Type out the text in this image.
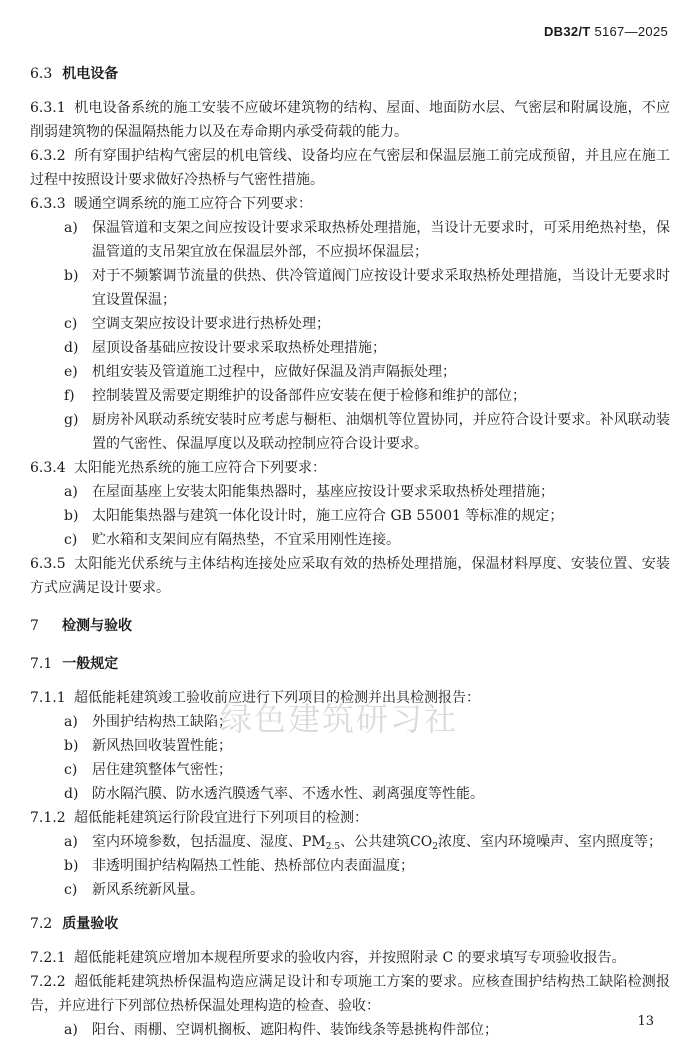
DB32/T 5167—2025
6.3 机电设备
6.3.1 机电设备系统的施工安装不应破坏建筑物的结构、屋面、地面防水层、气密层和附属设施，不应削弱建筑物的保温隔热能力以及在寿命期内承受荷载的能力。
6.3.2 所有穿围护结构气密层的机电管线、设备均应在气密层和保温层施工前完成预留，并且应在施工过程中按照设计要求做好冷热桥与气密性措施。
6.3.3 暖通空调系统的施工应符合下列要求：
a) 保温管道和支架之间应按设计要求采取热桥处理措施，当设计无要求时，可采用绝热衬垫，保温管道的支吊架宜放在保温层外部，不应损坏保温层；
b) 对于不频繁调节流量的供热、供冷管道阀门应按设计要求采取热桥处理措施，当设计无要求时宜设置保温；
c) 空调支架应按设计要求进行热桥处理；
d) 屋顶设备基础应按设计要求采取热桥处理措施；
e) 机组安装及管道施工过程中，应做好保温及消声隔振处理；
f) 控制装置及需要定期维护的设备部件应安装在便于检修和维护的部位；
g) 厨房补风联动系统安装时应考虑与橱柜、油烟机等位置协同，并应符合设计要求。补风联动装置的气密性、保温厚度以及联动控制应符合设计要求。
6.3.4 太阳能光热系统的施工应符合下列要求：
a) 在屋面基座上安装太阳能集热器时，基座应按设计要求采取热桥处理措施；
b) 太阳能集热器与建筑一体化设计时，施工应符合 GB 55001 等标准的规定；
c) 贮水箱和支架间应有隔热垫，不宜采用刚性连接。
6.3.5 太阳能光伏系统与主体结构连接处应采取有效的热桥处理措施，保温材料厚度、安装位置、安装方式应满足设计要求。
7 检测与验收
7.1 一般规定
7.1.1 超低能耗建筑竣工验收前应进行下列项目的检测并出具检测报告：
a) 外围护结构热工缺陷；
b) 新风热回收装置性能；
c) 居住建筑整体气密性；
d) 防水隔汽膜、防水透汽膜透气率、不透水性、剥离强度等性能。
7.1.2 超低能耗建筑运行阶段宜进行下列项目的检测：
a) 室内环境参数，包括温度、湿度、$PM_{2.5}$、公共建筑$CO_2$浓度、室内环境噪声、室内照度等；
b) 非透明围护结构隔热工性能、热桥部位内表面温度；
c) 新风系统新风量。
7.2 质量验收
7.2.1 超低能耗建筑应增加本规程所要求的验收内容，并按照附录 C 的要求填写专项验收报告。
7.2.2 超低能耗建筑热桥保温构造应满足设计和专项施工方案的要求。应核查围护结构热工缺陷检测报告，并应进行下列部位热桥保温处理构造的检查、验收：
a) 阳台、雨棚、空调机搁板、遮阳构件、装饰线条等悬挑构件部位；
绿色建筑研习社
13
